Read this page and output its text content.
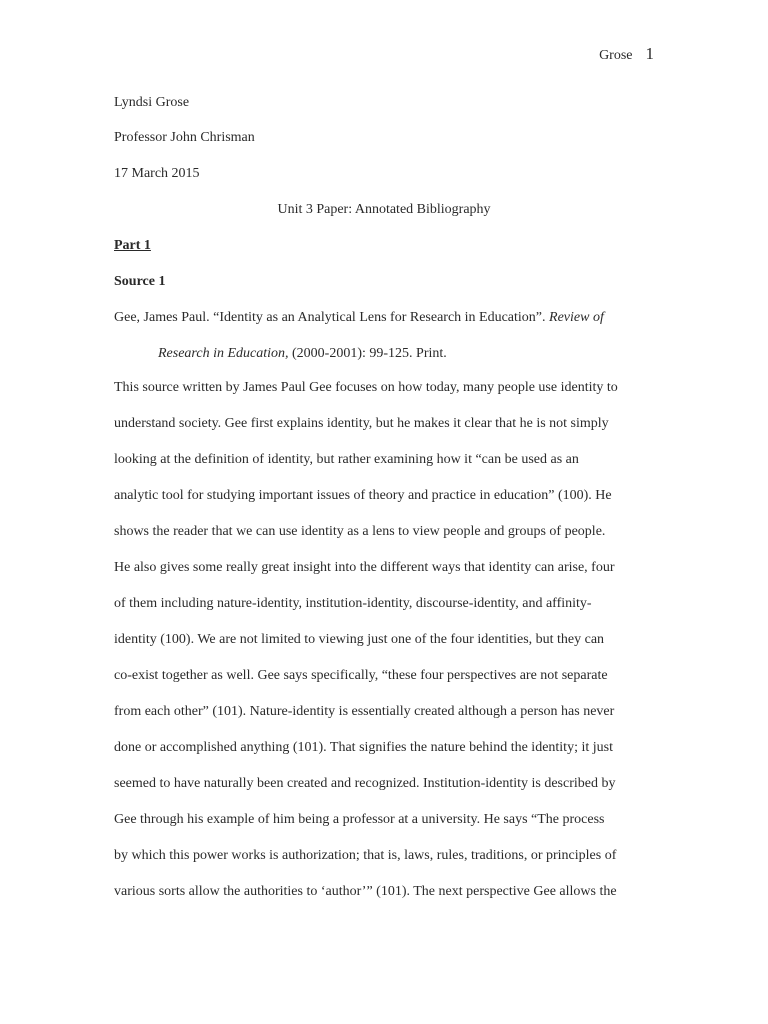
Grose 1
Lyndsi Grose
Professor John Chrisman
17 March 2015
Unit 3 Paper: Annotated Bibliography
Part 1
Source 1
Gee, James Paul. “Identity as an Analytical Lens for Research in Education”. Review of
Research in Education, (2000-2001): 99-125. Print.
This source written by James Paul Gee focuses on how today, many people use identity to
understand society. Gee first explains identity, but he makes it clear that he is not simply
looking at the definition of identity, but rather examining how it “can be used as an
analytic tool for studying important issues of theory and practice in education” (100). He
shows the reader that we can use identity as a lens to view people and groups of people.
He also gives some really great insight into the different ways that identity can arise, four
of them including nature-identity, institution-identity, discourse-identity, and affinity-
identity (100). We are not limited to viewing just one of the four identities, but they can
co-exist together as well. Gee says specifically, “these four perspectives are not separate
from each other” (101). Nature-identity is essentially created although a person has never
done or accomplished anything (101). That signifies the nature behind the identity; it just
seemed to have naturally been created and recognized. Institution-identity is described by
Gee through his example of him being a professor at a university. He says “The process
by which this power works is authorization; that is, laws, rules, traditions, or principles of
various sorts allow the authorities to ‘author’” (101). The next perspective Gee allows the
